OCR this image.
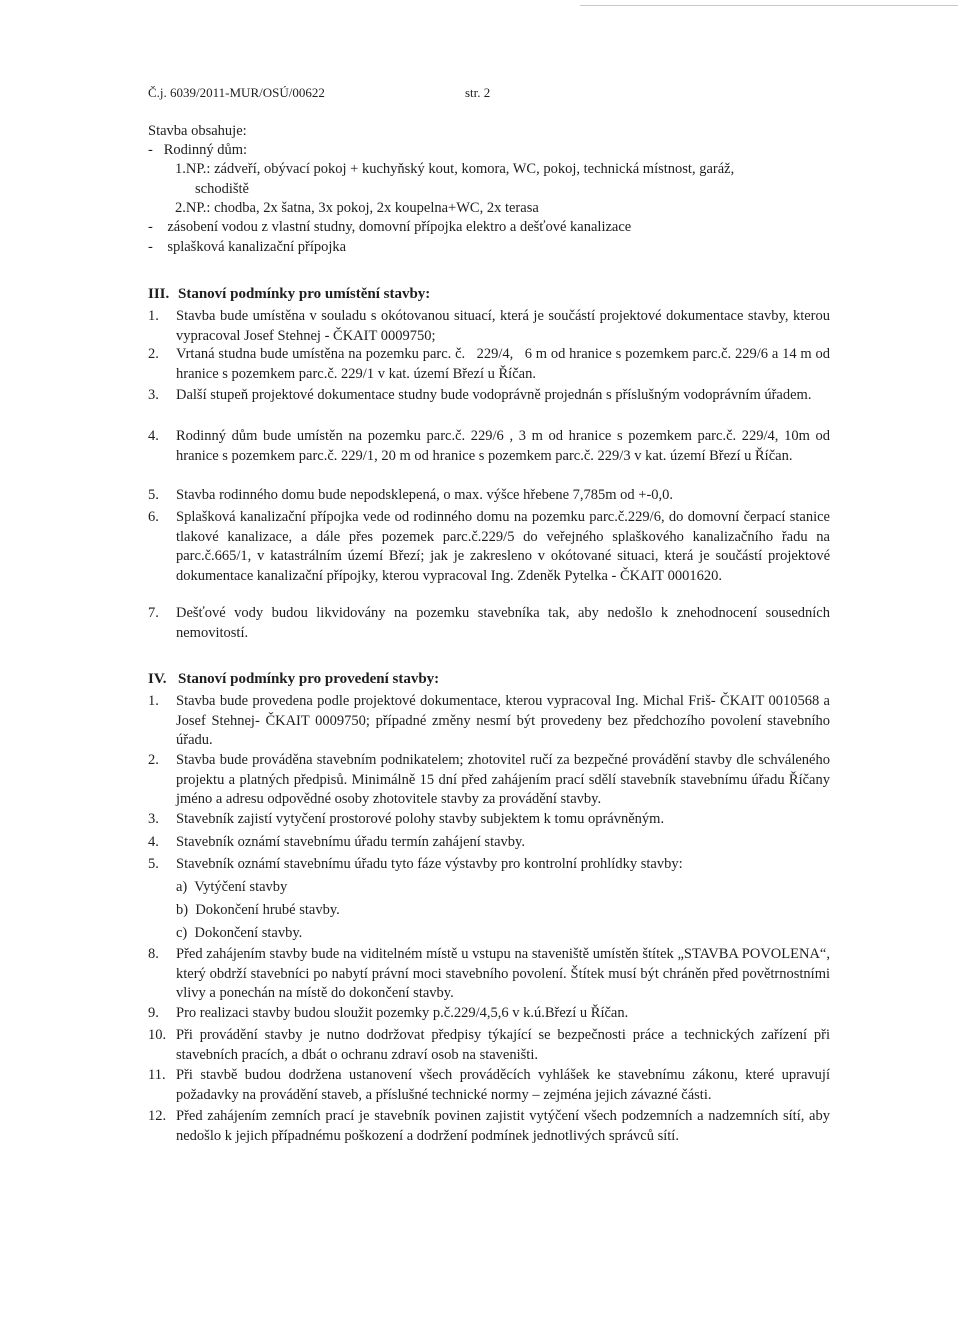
Č.j. 6039/2011-MUR/OSÚ/00622	str. 2
Stavba obsahuje:
-   Rodinný dům:
1.NP.: zádveří, obývací pokoj + kuchyňský kout, komora, WC, pokoj, technická místnost, garáž,
schodiště
2.NP.: chodba, 2x šatna, 3x pokoj, 2x koupelna+WC, 2x terasa
-    zásobení vodou z vlastní studny, domovní přípojka elektro a dešťové kanalizace
-    splašková kanalizační přípojka
III. Stanoví podmínky pro umístění stavby:
1.	Stavba bude umístěna v souladu s okótovanou situací, která je součástí projektové dokumentace stavby, kterou vypracoval Josef Stehnej - ČKAIT 0009750;
2.	Vrtaná studna bude umístěna na pozemku parc. č.   229/4,   6 m od hranice s pozemkem parc.č. 229/6 a 14 m od hranice s pozemkem parc.č. 229/1 v kat. území Březí u Říčan.
3.	Další stupeň projektové dokumentace studny bude vodoprávně projednán s příslušným vodoprávním úřadem.
4.	Rodinný dům bude umístěn na pozemku parc.č. 229/6 , 3 m od hranice s pozemkem parc.č. 229/4, 10m od hranice s pozemkem parc.č. 229/1, 20 m od hranice s pozemkem parc.č. 229/3 v kat. území Březí u Říčan.
5.	Stavba rodinného domu bude nepodsklepená, o max. výšce hřebene 7,785m od +-0,0.
6.	Splašková kanalizační přípojka vede od rodinného domu na pozemku parc.č.229/6, do domovní čerpací stanice tlakové kanalizace, a dále přes pozemek parc.č.229/5 do veřejného splaškového kanalizačního řadu na parc.č.665/1, v katastrálním území Březí; jak je zakresleno v okótované situaci, která je součástí projektové dokumentace kanalizační přípojky, kterou vypracoval Ing. Zdeněk Pytelka - ČKAIT 0001620.
7.	Dešťové vody budou likvidovány na pozemku stavebníka tak, aby nedošlo k znehodnocení sousedních nemovitostí.
IV. Stanoví podmínky pro provedení stavby:
1.	Stavba bude provedena podle projektové dokumentace, kterou vypracoval Ing. Michal Friš- ČKAIT 0010568 a Josef Stehnej- ČKAIT 0009750; případné změny nesmí být provedeny bez předchozího povolení stavebního úřadu.
2.	Stavba bude prováděna stavebním podnikatelem; zhotovitel ručí za bezpečné provádění stavby dle schváleného projektu a platných předpisů. Minimálně 15 dní před zahájením prací sdělí stavebník stavebnímu úřadu Říčany jméno a adresu odpovědné osoby zhotovitele stavby za provádění stavby.
3.	Stavebník zajistí vytyčení prostorové polohy stavby subjektem k tomu oprávněným.
4.	Stavebník oznámí stavebnímu úřadu termín zahájení stavby.
5.	Stavebník oznámí stavebnímu úřadu tyto fáze výstavby pro kontrolní prohlídky stavby:
a)  Vytýčení stavby
b)  Dokončení hrubé stavby.
c)  Dokončení stavby.
8.	Před zahájením stavby bude na viditelném místě u vstupu na staveniště umístěn štítek „STAVBA POVOLENA“, který obdrží stavebníci po nabytí právní moci stavebního povolení. Štítek musí být chráněn před povětrnostními vlivy a ponechán na místě do dokončení stavby.
9.	Pro realizaci stavby budou sloužit pozemky p.č.229/4,5,6 v k.ú.Březí u Říčan.
10. Při provádění stavby je nutno dodržovat předpisy týkající se bezpečnosti práce a technických zařízení při stavebních pracích, a dbát o ochranu zdraví osob na staveništi.
11. Při stavbě budou dodržena ustanovení všech prováděcích vyhlášek ke stavebnímu zákonu, které upravují požadavky na provádění staveb, a příslušné technické normy – zejména jejich závazné části.
12. Před zahájením zemních prací je stavebník povinen zajistit vytýčení všech podzemních a nadzemních sítí, aby nedošlo k jejich případnému poškození a dodržení podmínek jednotlivých správců sítí.
